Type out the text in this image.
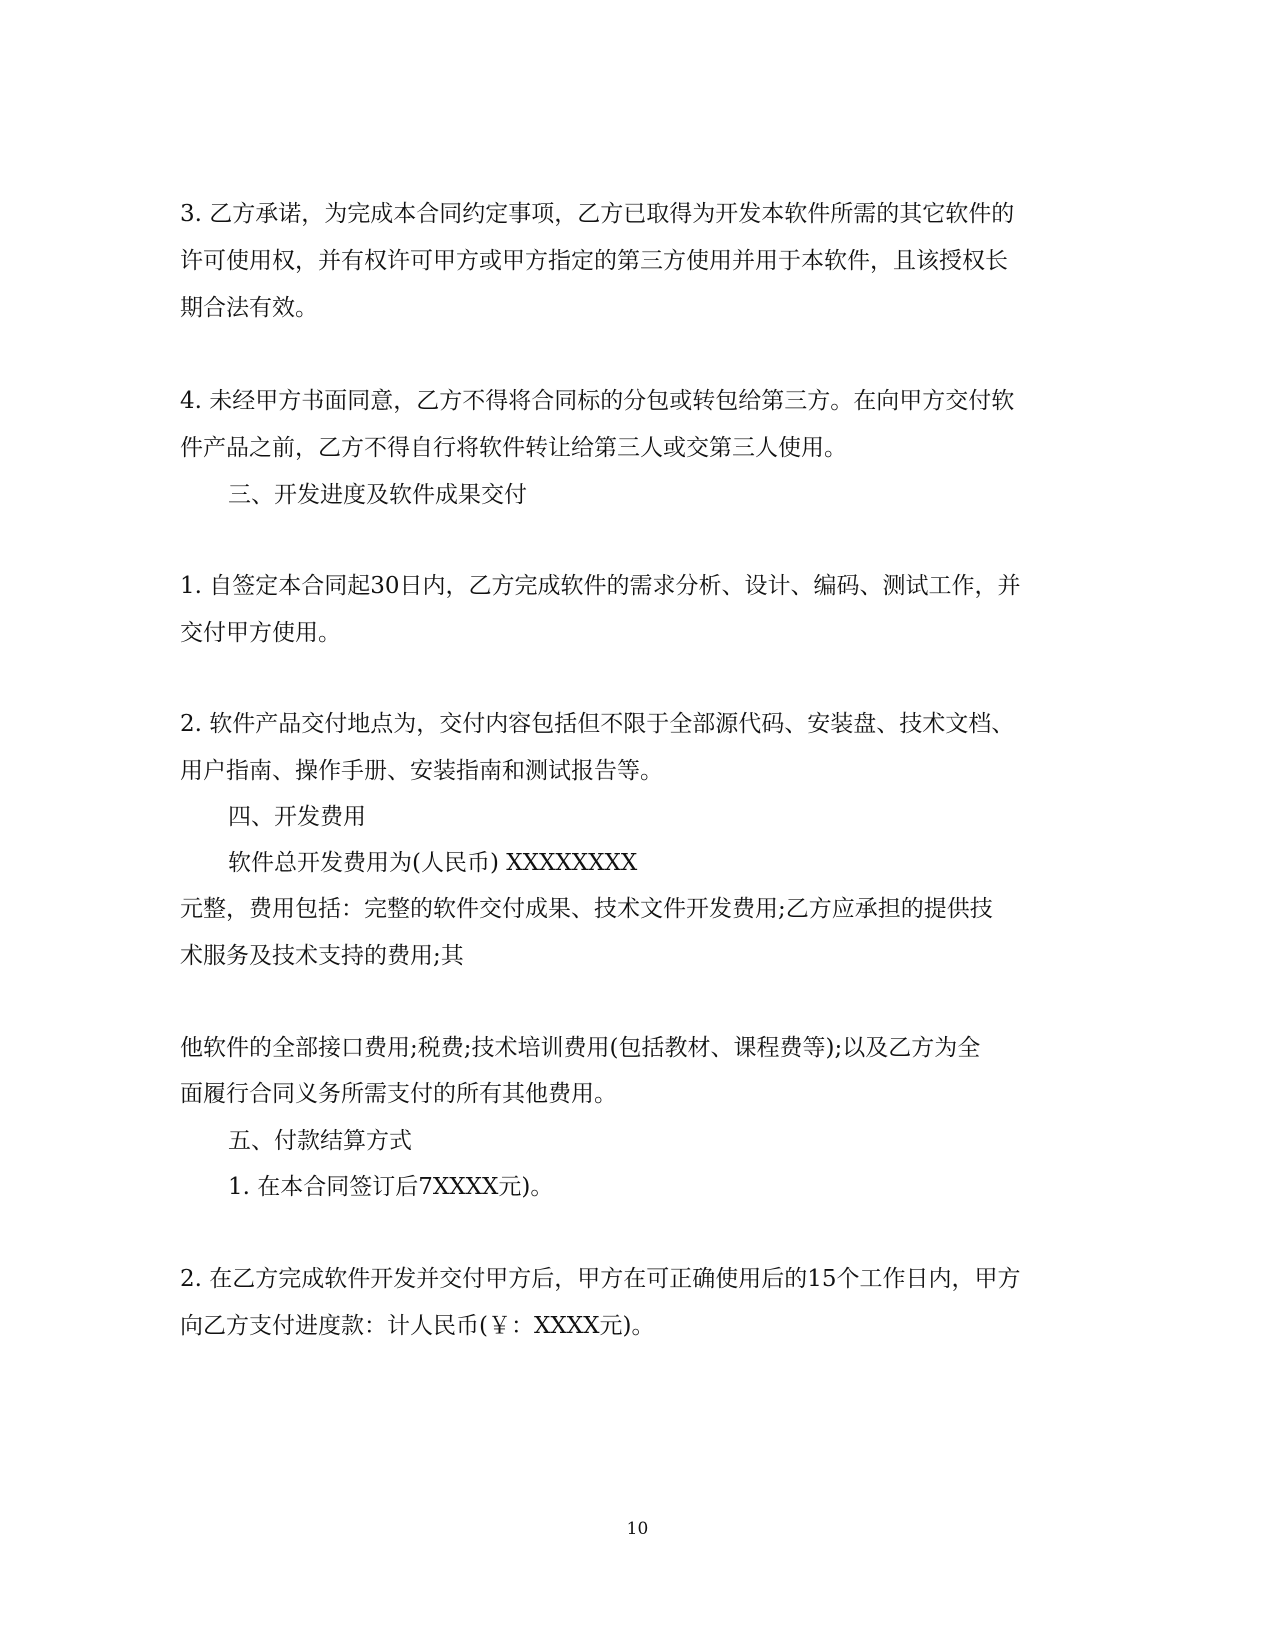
3. 乙方承诺，为完成本合同约定事项，乙方已取得为开发本软件所需的其它软件的
许可使用权，并有权许可甲方或甲方指定的第三方使用并用于本软件，且该授权长
期合法有效。
4. 未经甲方书面同意，乙方不得将合同标的分包或转包给第三方。在向甲方交付软
件产品之前，乙方不得自行将软件转让给第三人或交第三人使用。
三、开发进度及软件成果交付
1. 自签定本合同起30日内，乙方完成软件的需求分析、设计、编码、测试工作，并
交付甲方使用。
2. 软件产品交付地点为，交付内容包括但不限于全部源代码、安装盘、技术文档、
用户指南、操作手册、安装指南和测试报告等。
四、开发费用
软件总开发费用为(人民币) XXXXXXXX
元整，费用包括：完整的软件交付成果、技术文件开发费用;乙方应承担的提供技
术服务及技术支持的费用;其
他软件的全部接口费用;税费;技术培训费用(包括教材、课程费等);以及乙方为全
面履行合同义务所需支付的所有其他费用。
五、付款结算方式
1. 在本合同签订后7XXXX元)。
2. 在乙方完成软件开发并交付甲方后，甲方在可正确使用后的15个工作日内，甲方
向乙方支付进度款：计人民币(￥：XXXX元)。
10
